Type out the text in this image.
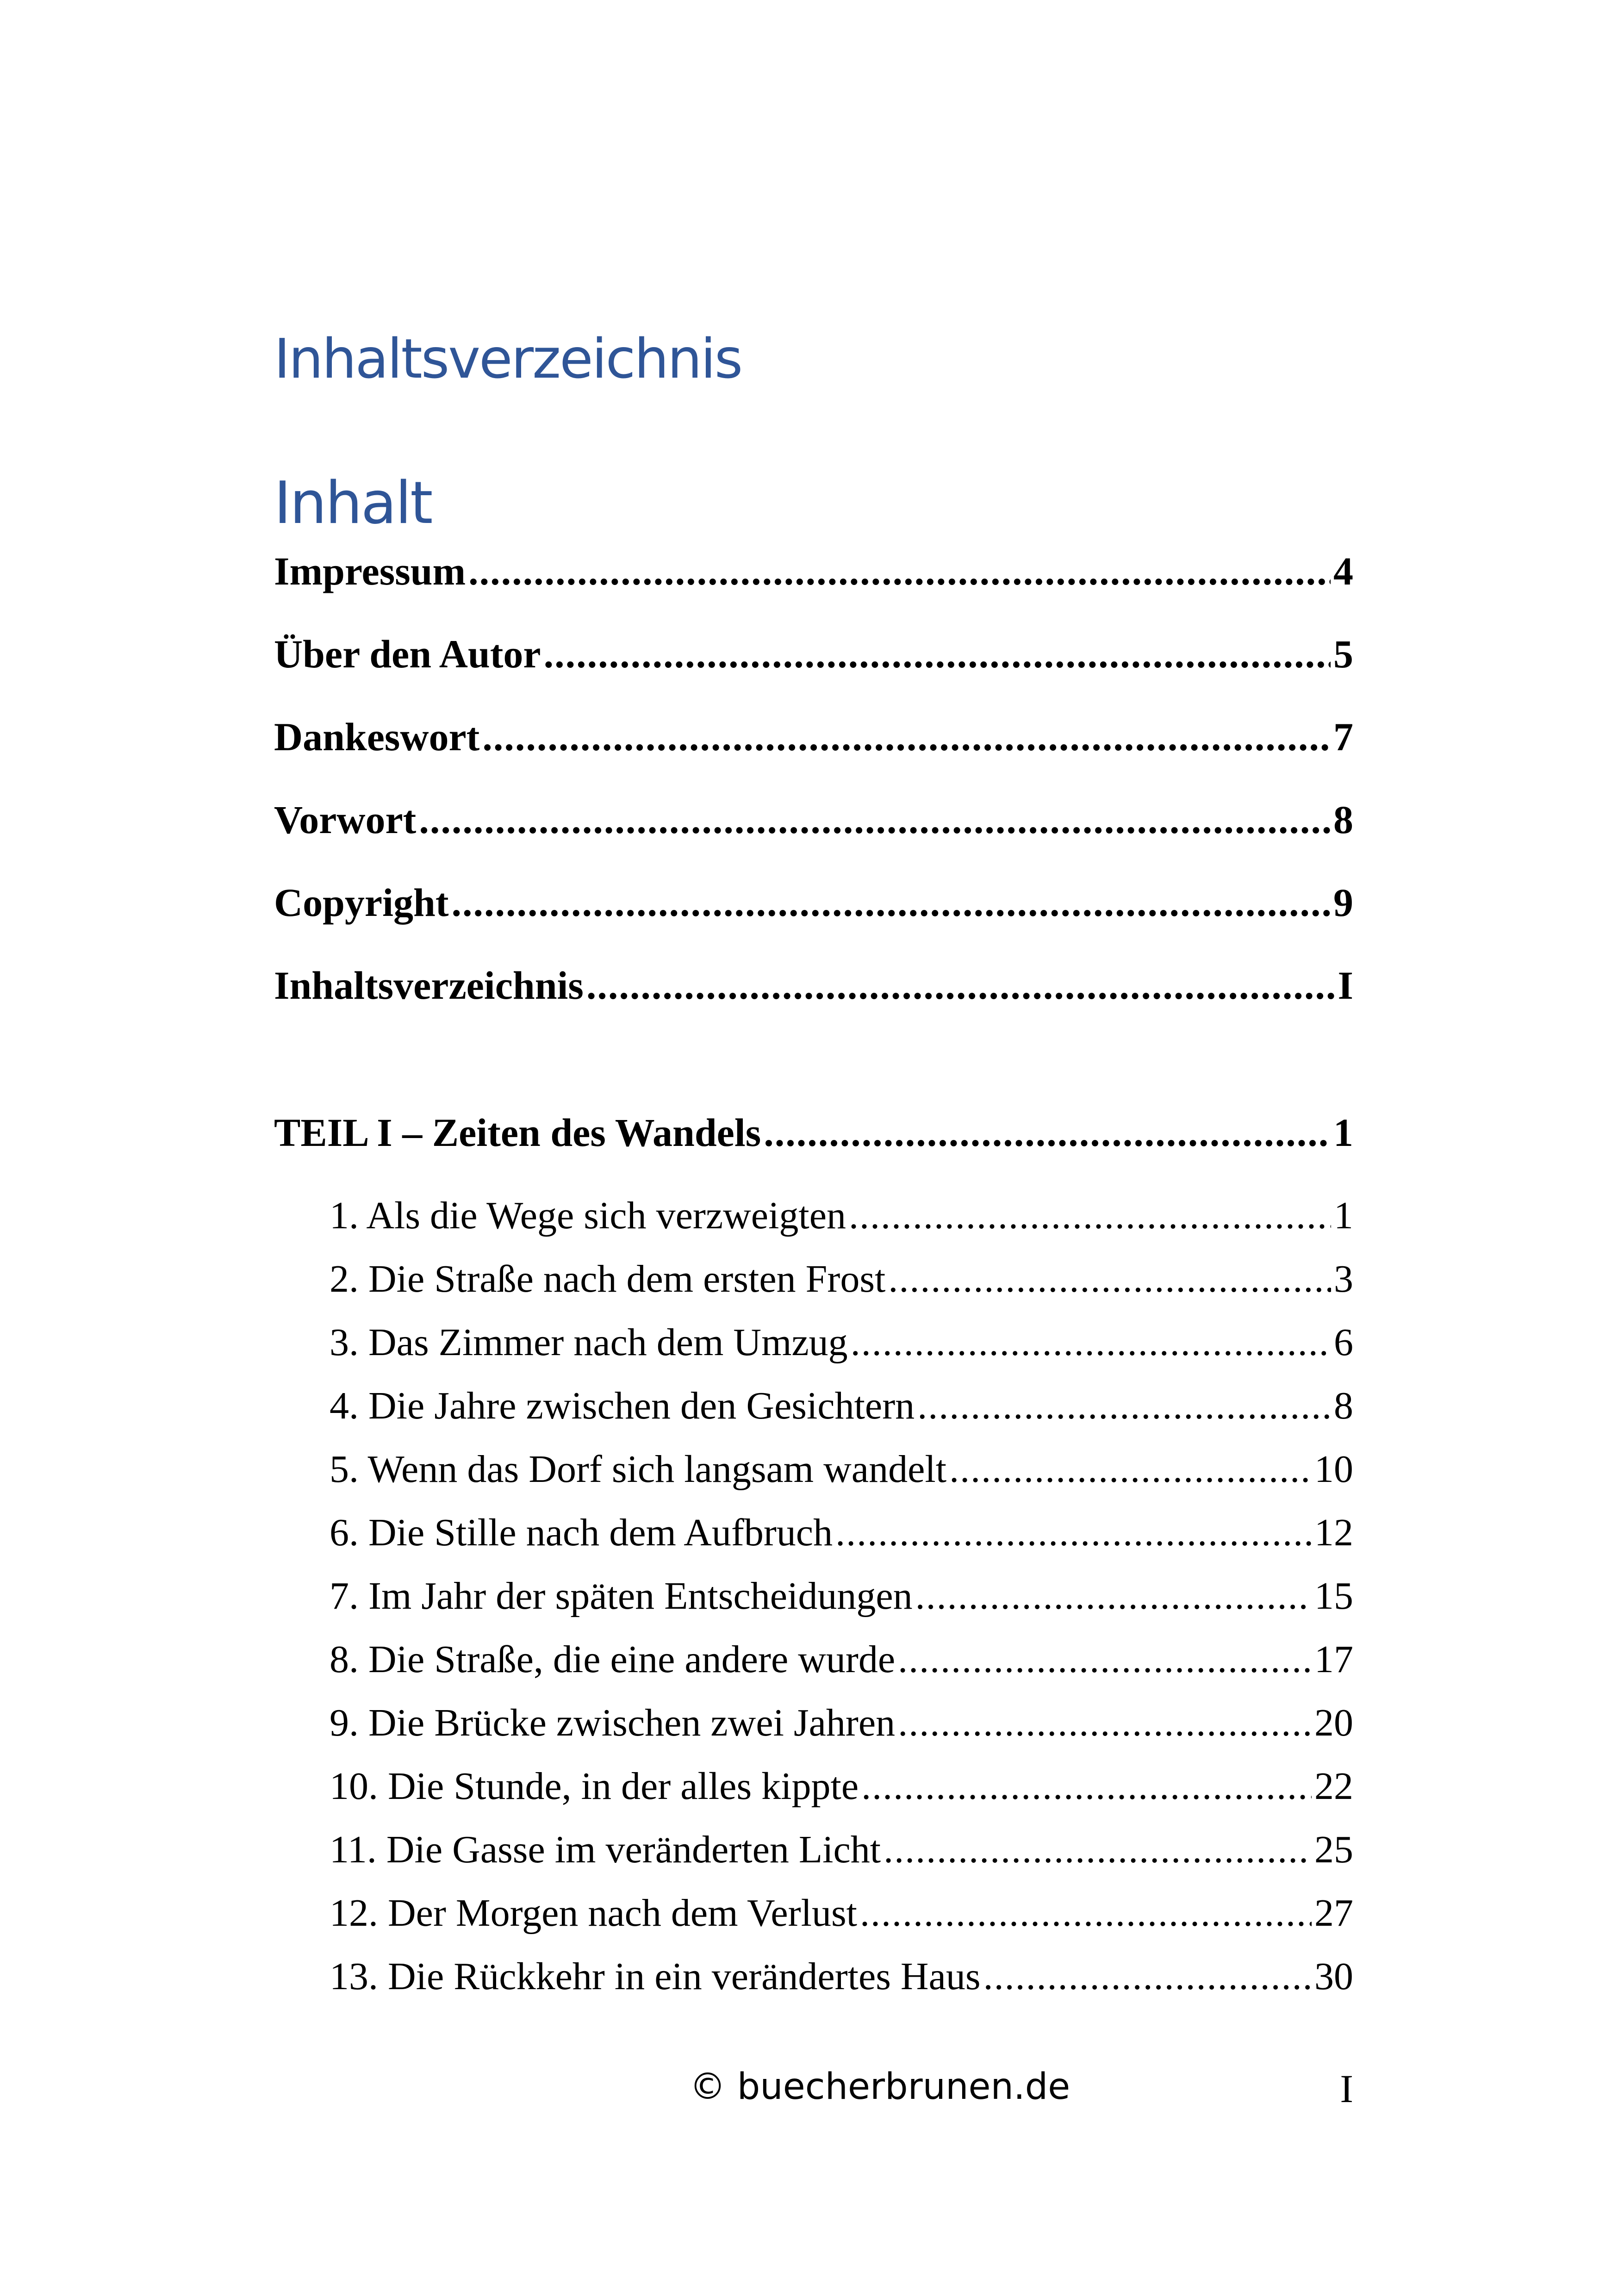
Inhaltsverzeichnis
Inhalt
Impressum .....	4
Über den Autor .....	5
Dankeswort .....	7
Vorwort .....	8
Copyright .....	9
Inhaltsverzeichnis .....	I
TEIL I – Zeiten des Wandels .....	1
1. Als die Wege sich verzweigten .....	1
2. Die Straße nach dem ersten Frost .....	3
3. Das Zimmer nach dem Umzug .....	6
4. Die Jahre zwischen den Gesichtern .....	8
5. Wenn das Dorf sich langsam wandelt .....	10
6. Die Stille nach dem Aufbruch .....	12
7. Im Jahr der späten Entscheidungen .....	15
8. Die Straße, die eine andere wurde .....	17
9. Die Brücke zwischen zwei Jahren .....	20
10. Die Stunde, in der alles kippte .....	22
11. Die Gasse im veränderten Licht .....	25
12. Der Morgen nach dem Verlust .....	27
13. Die Rückkehr in ein verändertes Haus .....	30
© buecherbrunen.de	I
